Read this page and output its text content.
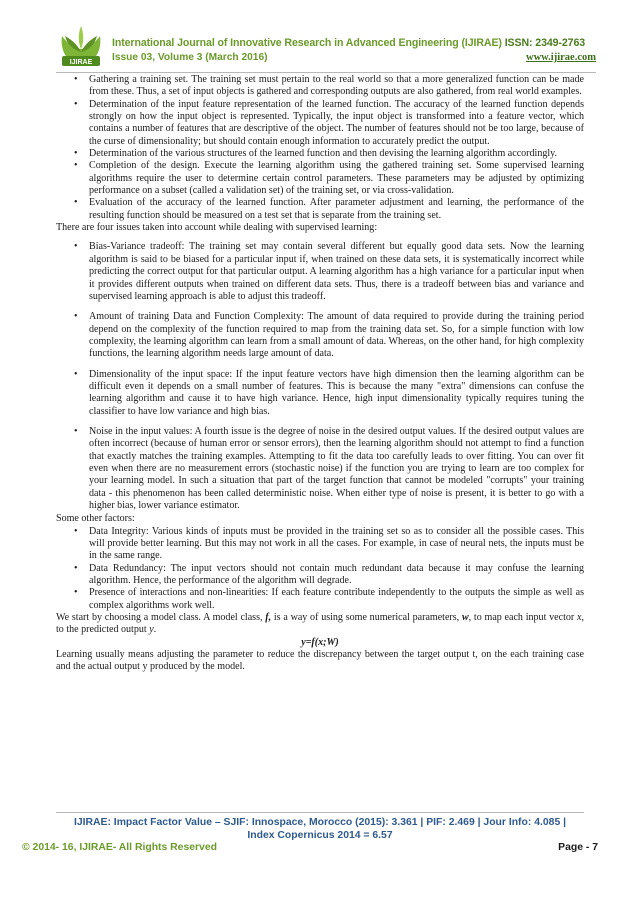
IJIRAE
International Journal of Innovative Research in Advanced Engineering (IJIRAE) ISSN: 2349-2763
Issue 03, Volume 3 (March 2016)	www.ijirae.com
• Gathering a training set. The training set must pertain to the real world so that a more generalized function can be made from these. Thus, a set of input objects is gathered and corresponding outputs are also gathered, from real world examples.
• Determination of the input feature representation of the learned function. The accuracy of the learned function depends strongly on how the input object is represented. Typically, the input object is transformed into a feature vector, which contains a number of features that are descriptive of the object. The number of features should not be too large, because of the curse of dimensionality; but should contain enough information to accurately predict the output.
• Determination of the various structures of the learned function and then devising the learning algorithm accordingly.
• Completion of the design. Execute the learning algorithm using the gathered training set. Some supervised learning algorithms require the user to determine certain control parameters. These parameters may be adjusted by optimizing performance on a subset (called a validation set) of the training set, or via cross-validation.
• Evaluation of the accuracy of the learned function. After parameter adjustment and learning, the performance of the resulting function should be measured on a test set that is separate from the training set.

There are four issues taken into account while dealing with supervised learning:

• Bias-Variance tradeoff: The training set may contain several different but equally good data sets. Now the learning algorithm is said to be biased for a particular input if, when trained on these data sets, it is systematically incorrect while predicting the correct output for that particular output. A learning algorithm has a high variance for a particular input when it provides different outputs when trained on different data sets. Thus, there is a tradeoff between bias and variance and supervised learning approach is able to adjust this tradeoff.
• Amount of training Data and Function Complexity: The amount of data required to provide during the training period depend on the complexity of the function required to map from the training data set. So, for a simple function with low complexity, the learning algorithm can learn from a small amount of data. Whereas, on the other hand, for high complexity functions, the learning algorithm needs large amount of data.
• Dimensionality of the input space: If the input feature vectors have high dimension then the learning algorithm can be difficult even it depends on a small number of features. This is because the many "extra" dimensions can confuse the learning algorithm and cause it to have high variance. Hence, high input dimensionality typically requires tuning the classifier to have low variance and high bias.
• Noise in the input values: A fourth issue is the degree of noise in the desired output values. If the desired output values are often incorrect (because of human error or sensor errors), then the learning algorithm should not attempt to find a function that exactly matches the training examples. Attempting to fit the data too carefully leads to over fitting. You can over fit even when there are no measurement errors (stochastic noise) if the function you are trying to learn are too complex for your learning model. In such a situation that part of the target function that cannot be modeled "corrupts" your training data - this phenomenon has been called deterministic noise. When either type of noise is present, it is better to go with a higher bias, lower variance estimator.

Some other factors:

• Data Integrity: Various kinds of inputs must be provided in the training set so as to consider all the possible cases. This will provide better learning. But this may not work in all the cases. For example, in case of neural nets, the inputs must be in the same range.
• Data Redundancy: The input vectors should not contain much redundant data because it may confuse the learning algorithm. Hence, the performance of the algorithm will degrade.
• Presence of interactions and non-linearities: If each feature contribute independently to the outputs the simple as well as complex algorithms work well.

We start by choosing a model class. A model class, f, is a way of using some numerical parameters, w, to map each input vector x, to the predicted output y.

y=f(x;W)

Learning usually means adjusting the parameter to reduce the discrepancy between the target output t, on the each training case and the actual output y produced by the model.

IJIRAE: Impact Factor Value – SJIF: Innospace, Morocco (2015): 3.361 | PIF: 2.469 | Jour Info: 4.085 |
Index Copernicus 2014 = 6.57
© 2014- 16, IJIRAE- All Rights Reserved	Page - 7
